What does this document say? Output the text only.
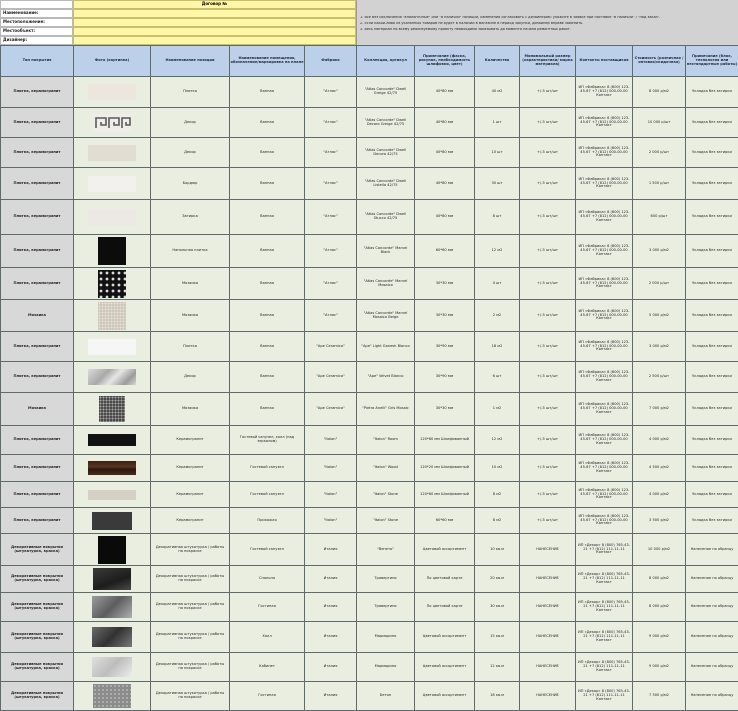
Договор №
Наименование:
Местоположение:
Местообъект:
Дизайнер:
1. Все без исключения "аналогичные" или "в наличии" позиции, изменения согласовать с дизайнером: укажите в заявке при поставке "в наличии" / "под заказ".
2. Если какой-либо из указанных товаров не будет в наличии в магазине в период закупки, дизайнер вправе заменить.
3. Весь материал по всему реализуемому проекту необходимо заказывать до момента начала ремонтных работ.
Тип покрытия	Фото (картинка)	Наименование позиции	Наименование помещения, обозначение/маркировка на плане	Фабрика	Коллекция, артикул	Примечание (фаска, рисунок, необходимость шлифовки, цвет)	Количество	Минимальный размер (характеристики/ марка материала)	Контакты поставщиков	Стоимость (розничная / оптовая/скидочная)	Примечание (блок, технология или нестандартные работы)

Плитка, керамогранит		Плитка	Ванная	"Атлас"	"Atlas Concorde" Dwell Greige 42/75	40*80 мм	40 м2	+/-5 шт/шт	ИП «Фабрика» 8 (800) 123-45-67 +7 (812) 000-00-00 Контакт	8 000 р/м2	Укладка без затирки

Плитка, керамогранит		Декор	Ванная	"Атлас"	"Atlas Concorde" Dwell Decoro Greige 42/75	40*80 мм	1 шт	+/-5 шт/шт	ИП «Фабрика» 8 (800) 123-45-67 +7 (812) 000-00-00 Контакт	10 000 р/шт	Укладка без затирки

Плитка, керамогранит		Декор	Ванная	"Атлас"	"Atlas Concorde" Dwell Decoro 42/75	40*80 мм	10 шт	+/-5 шт/шт	ИП «Фабрика» 8 (800) 123-45-67 +7 (812) 000-00-00 Контакт	2 000 р/шт	Укладка без затирки

Плитка, керамогранит		Бордюр	Ванная	"Атлас"	"Atlas Concorde" Dwell Listello 42/75	40*80 мм	30 шт	+/-5 шт/шт	ИП «Фабрика» 8 (800) 123-45-67 +7 (812) 000-00-00 Контакт	1 500 р/шт	Укладка без затирки

Плитка, керамогранит		Затирка	Ванная	"Атлас"	"Atlas Concorde" Dwell Stucco 42/75	40*80 мм	8 шт	+/-5 шт/шт	ИП «Фабрика» 8 (800) 123-45-67 +7 (812) 000-00-00 Контакт	600 р/шт	Укладка без затирки

Плитка, керамогранит		Напольная плитка	Ванная	"Атлас"	"Atlas Concorde" Marvel Black	60*60 мм	12 м2	+/-5 шт/шт	ИП «Фабрика» 8 (800) 123-45-67 +7 (812) 000-00-00 Контакт	3 000 р/м2	Укладка без затирки

Плитка, керамогранит		Мозаика	Ванная	"Атлас"	"Atlas Concorde" Marvel Mosaico	30*30 мм	4 шт	+/-5 шт/шт	ИП «Фабрика» 8 (800) 123-45-67 +7 (812) 000-00-00 Контакт	2 000 р/шт	Укладка без затирки

Мозаика		Мозаика	Ванная	"Атлас"	"Atlas Concorde" Marvel Mosaico Beige	30*30 мм	2 м2	+/-5 шт/шт	ИП «Фабрика» 8 (800) 123-45-67 +7 (812) 000-00-00 Контакт	5 000 р/м2	Укладка без затирки

Плитка, керамогранит		Плитка	Ванная	"Ape Ceramica"	"Ape" Light Ganesh Blanco	30*90 мм	18 м2	+/-5 шт/шт	ИП «Фабрика» 8 (800) 123-45-67 +7 (812) 000-00-00 Контакт	3 000 р/м2	Укладка без затирки

Плитка, керамогранит		Декор	Ванная	"Ape Ceramica"	"Ape" Velvet Blanco	30*90 мм	6 шт	+/-5 шт/шт	ИП «Фабрика» 8 (800) 123-45-67 +7 (812) 000-00-00 Контакт	2 500 р/шт	Укладка без затирки

Мозаика		Мозаика	Ванная	"Ape Ceramica"	"Pietra Anelli" Gris Mosaic	30*30 мм	1 м2	+/-5 шт/шт	ИП «Фабрика» 8 (800) 123-45-67 +7 (812) 000-00-00 Контакт	7 000 р/м2	Укладка без затирки

Плитка, керамогранит		Керамогранит	Гостевой санузел, холл (над зеркалом)	"Italon"	"Italon" Room	120*60 мм Шлифованный	12 м2	+/-5 шт/шт	ИП «Фабрика» 8 (800) 123-45-67 +7 (812) 000-00-00 Контакт	4 000 р/м2	Укладка без затирки

Плитка, керамогранит		Керамогранит	Гостевой санузел	"Italon"	"Italon" Wood	120*20 мм Шлифованный	10 м2	+/-5 шт/шт	ИП «Фабрика» 8 (800) 123-45-67 +7 (812) 000-00-00 Контакт	4 500 р/м2	Укладка без затирки

Плитка, керамогранит		Керамогранит	Гостевой санузел	"Italon"	"Italon" Stone	120*60 мм Шлифованный	8 м2	+/-5 шт/шт	ИП «Фабрика» 8 (800) 123-45-67 +7 (812) 000-00-00 Контакт	4 000 р/м2	Укладка без затирки

Плитка, керамогранит		Керамогранит	Прихожая	"Italon"	"Italon" Stone	60*60 мм	8 м2	+/-5 шт/шт	ИП «Фабрика» 8 (800) 123-45-67 +7 (812) 000-00-00 Контакт	3 500 р/м2	Укладка без затирки

Декоративные покрытия (штукатурка, краска)		Декоративная штукатурка / работы по покраске	Гостевой санузел	Италия	"Венето"	Цветовой ассортимент	10 кв.м	НАНЕСЕНИЕ	ИП «Декор» 8 (800) 765-43-21 +7 (812) 111-11-11 Контакт	10 000 р/м2	Нанесение по образцу

Декоративные покрытия (штукатурка, краска)		Декоративная штукатурка / работы по покраске	Спальня	Италия	Травертино	По цветовой карте	20 кв.м	НАНЕСЕНИЕ	ИП «Декор» 8 (800) 765-43-21 +7 (812) 111-11-11 Контакт	8 000 р/м2	Нанесение по образцу

Декоративные покрытия (штукатурка, краска)		Декоративная штукатурка / работы по покраске	Гостиная	Италия	Травертино	По цветовой карте	30 кв.м	НАНЕСЕНИЕ	ИП «Декор» 8 (800) 765-43-21 +7 (812) 111-11-11 Контакт	8 000 р/м2	Нанесение по образцу

Декоративные покрытия (штукатурка, краска)		Декоративная штукатурка / работы по покраске	Холл	Италия	Марморино	Цветовой ассортимент	15 кв.м	НАНЕСЕНИЕ	ИП «Декор» 8 (800) 765-43-21 +7 (812) 111-11-11 Контакт	9 000 р/м2	Нанесение по образцу

Декоративные покрытия (штукатурка, краска)		Декоративная штукатурка / работы по покраске	Кабинет	Италия	Марморино	Цветовой ассортимент	12 кв.м	НАНЕСЕНИЕ	ИП «Декор» 8 (800) 765-43-21 +7 (812) 111-11-11 Контакт	9 000 р/м2	Нанесение по образцу

Декоративные покрытия (штукатурка, краска)		Декоративная штукатурка / работы по покраске	Гостиная	Италия	Бетон	Цветовой ассортимент	18 кв.м	НАНЕСЕНИЕ	ИП «Декор» 8 (800) 765-43-21 +7 (812) 111-11-11 Контакт	7 500 р/м2	Нанесение по образцу
